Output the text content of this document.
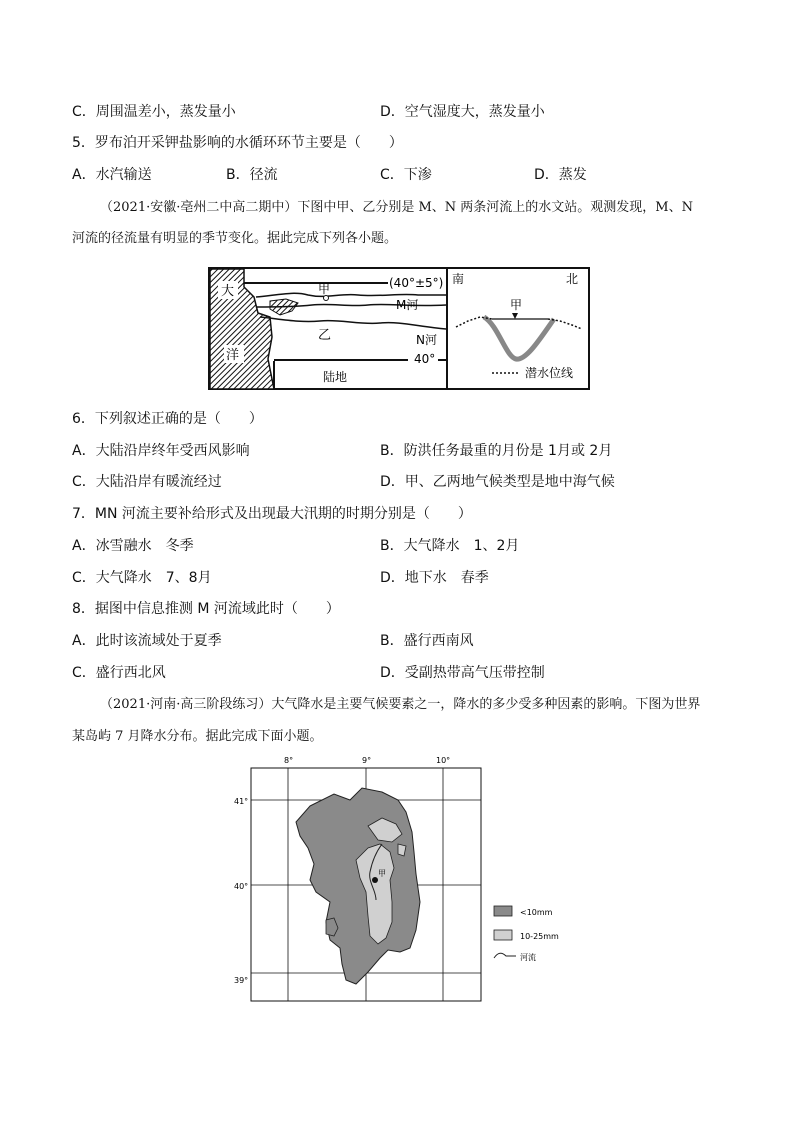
C．周围温差小，蒸发量小	D．空气湿度大，蒸发量小
5．罗布泊开采钾盐影响的水循环环节主要是（　　）
A．水汽输送	B．径流	C．下渗	D．蒸发
（2021·安徽·亳州二中高二期中）下图中甲、乙分别是 M、N 两条河流上的水文站。观测发现，M、N
河流的径流量有明显的季节变化。据此完成下列各小题。
大
洋
(40°±5°)
40°
甲
M河
乙	N河
陆地
南	北
甲
潜水位线
6．下列叙述正确的是（　　）
A．大陆沿岸终年受西风影响	B．防洪任务最重的月份是 1月或 2月
C．大陆沿岸有暖流经过	D．甲、乙两地气候类型是地中海气候
7．MN 河流主要补给形式及出现最大汛期的时期分别是（　　）
A．冰雪融水　冬季	B．大气降水　1、2月
C．大气降水　7、8月	D．地下水　春季
8．据图中信息推测 M 河流域此时（　　）
A．此时该流域处于夏季	B．盛行西南风
C．盛行西北风	D．受副热带高气压带控制
（2021·河南·高三阶段练习）大气降水是主要气候要素之一，降水的多少受多种因素的影响。下图为世界
某岛屿 7 月降水分布。据此完成下面小题。
8°	9°	10°
41°
40°
39°
甲
<10mm
10-25mm
河流
